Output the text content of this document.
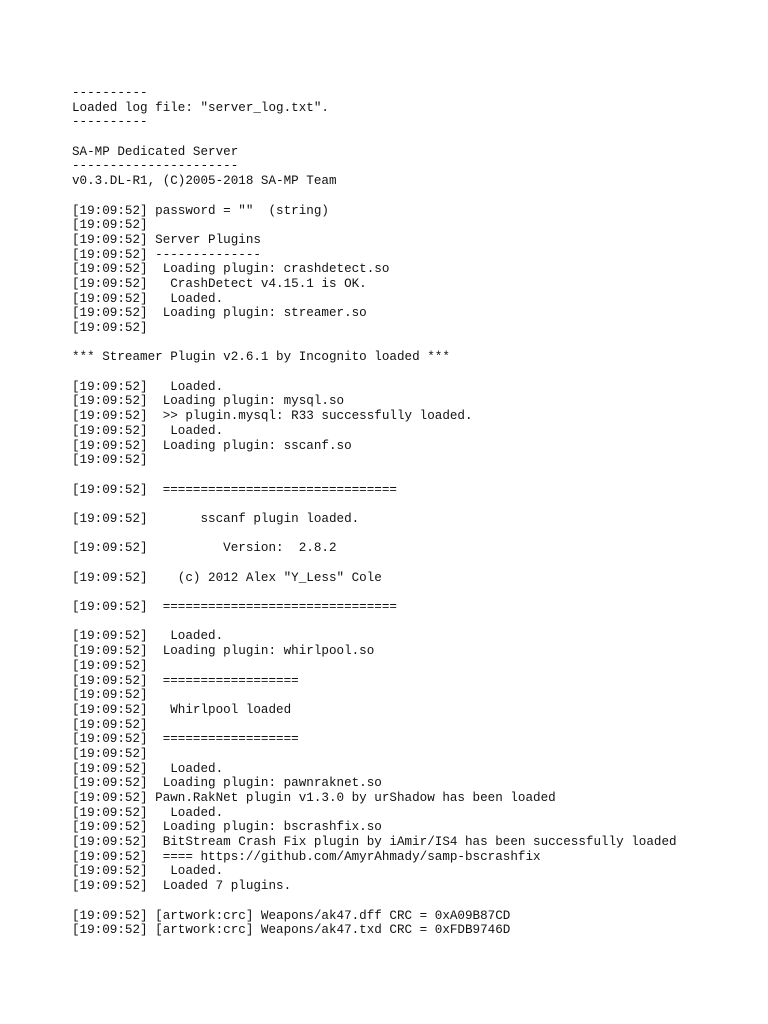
----------
Loaded log file: "server_log.txt".
----------
SA-MP Dedicated Server
----------------------
v0.3.DL-R1, (C)2005-2018 SA-MP Team
[19:09:52] password = ""  (string)
[19:09:52]
[19:09:52] Server Plugins
[19:09:52] --------------
[19:09:52]  Loading plugin: crashdetect.so
[19:09:52]   CrashDetect v4.15.1 is OK.
[19:09:52]   Loaded.
[19:09:52]  Loading plugin: streamer.so
[19:09:52]
*** Streamer Plugin v2.6.1 by Incognito loaded ***
[19:09:52]   Loaded.
[19:09:52]  Loading plugin: mysql.so
[19:09:52]  >> plugin.mysql: R33 successfully loaded.
[19:09:52]   Loaded.
[19:09:52]  Loading plugin: sscanf.so
[19:09:52]
[19:09:52]  ===============================
[19:09:52]       sscanf plugin loaded.
[19:09:52]          Version:  2.8.2
[19:09:52]    (c) 2012 Alex "Y_Less" Cole
[19:09:52]  ===============================
[19:09:52]   Loaded.
[19:09:52]  Loading plugin: whirlpool.so
[19:09:52]
[19:09:52]  ==================
[19:09:52]
[19:09:52]   Whirlpool loaded
[19:09:52]
[19:09:52]  ==================
[19:09:52]
[19:09:52]   Loaded.
[19:09:52]  Loading plugin: pawnraknet.so
[19:09:52] Pawn.RakNet plugin v1.3.0 by urShadow has been loaded
[19:09:52]   Loaded.
[19:09:52]  Loading plugin: bscrashfix.so
[19:09:52]  BitStream Crash Fix plugin by iAmir/IS4 has been successfully loaded
[19:09:52]  ==== https://github.com/AmyrAhmady/samp-bscrashfix
[19:09:52]   Loaded.
[19:09:52]  Loaded 7 plugins.
[19:09:52] [artwork:crc] Weapons/ak47.dff CRC = 0xA09B87CD
[19:09:52] [artwork:crc] Weapons/ak47.txd CRC = 0xFDB9746D
